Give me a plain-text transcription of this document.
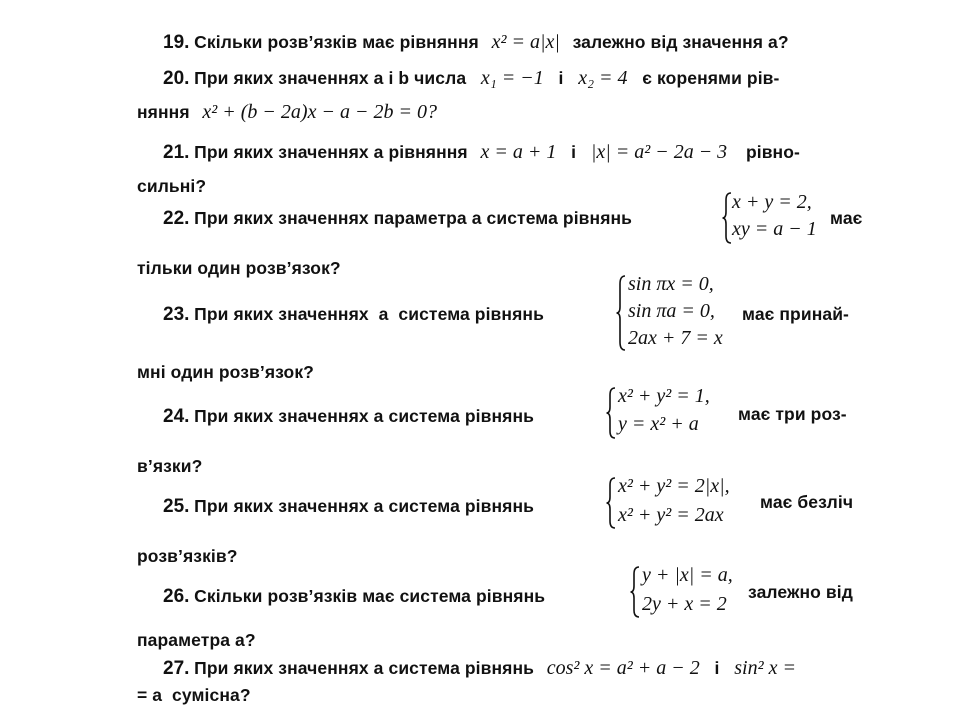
19. Скільки розв’язків має рівняння x² = a|x| залежно від значення a?
20. При яких значеннях a і b числа x₁ = −1 і x₂ = 4 є коренями рів-
няння x² + (b − 2a)x − a − 2b = 0?
21. При яких значеннях a рівняння x = a + 1 і |x| = a² − 2a − 3 рівно-
сильні?
22. При яких значеннях параметра a система рівнянь
x + y = 2,
xy = a − 1 має
тільки один розв’язок?
23. При яких значеннях  a  система рівнянь
sin πx = 0,
sin πa = 0,
2ax + 7 = x
має принай-
мні один розв’язок?
24. При яких значеннях a система рівнянь
x² + y² = 1,
y = x² + a має три роз-
в’язки?
25. При яких значеннях a система рівнянь
x² + y² = 2|x|,
x² + y² = 2ax
має безліч
розв’язків?
26. Скільки розв’язків має система рівнянь
y + |x| = a,
2y + x = 2
залежно від
параметра a?
27. При яких значеннях a система рівнянь cos² x = a² + a − 2 і sin² x =
= a  сумісна?
